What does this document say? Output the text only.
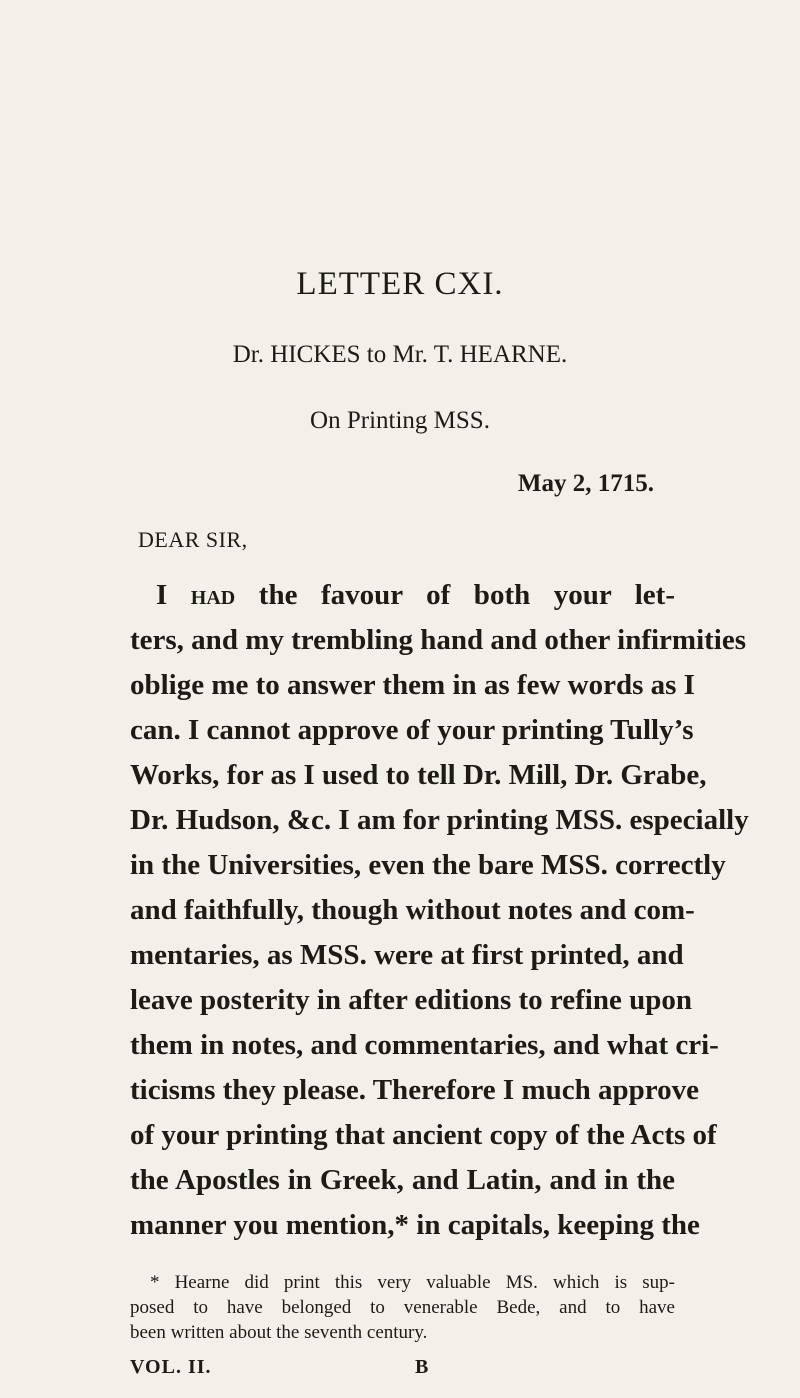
LETTER CXI.
Dr. HICKES to Mr. T. HEARNE.
On Printing MSS.
May 2, 1715.
DEAR SIR,
I had the favour of both your let-
ters, and my trembling hand and other infirmities
oblige me to answer them in as few words as I
can. I cannot approve of your printing Tully’s
Works, for as I used to tell Dr. Mill, Dr. Grabe,
Dr. Hudson, &c. I am for printing MSS. especially
in the Universities, even the bare MSS. correctly
and faithfully, though without notes and com-
mentaries, as MSS. were at first printed, and
leave posterity in after editions to refine upon
them in notes, and commentaries, and what cri-
ticisms they please. Therefore I much approve
of your printing that ancient copy of the Acts of
the Apostles in Greek, and Latin, and in the
manner you mention,* in capitals, keeping the
* Hearne did print this very valuable MS. which is sup-
posed to have belonged to venerable Bede, and to have
been written about the seventh century.
VOL. II.	B
